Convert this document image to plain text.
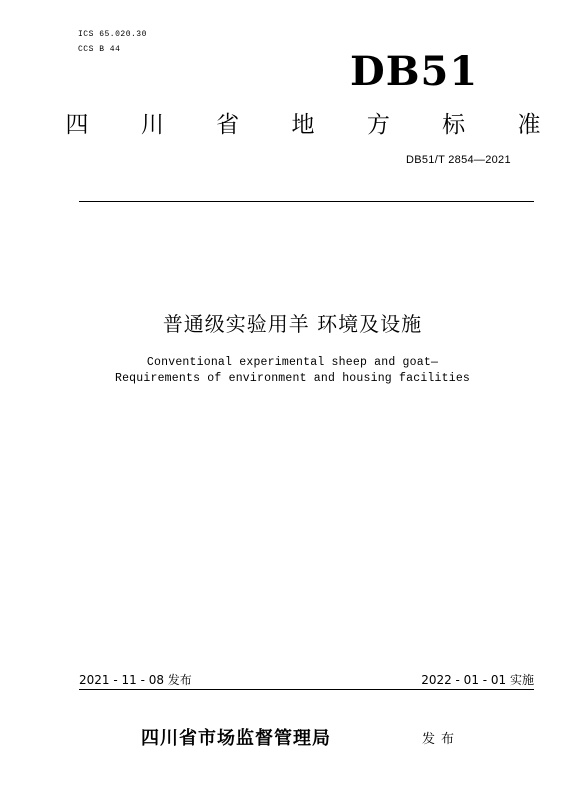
ICS 65.020.30
CCS B 44	DB51
四 川 省 地 方 标 准
DB51/T 2854—2021
普通级实验用羊 环境及设施
Conventional experimental sheep and goat—
Requirements of environment and housing facilities
2021 - 11 - 08 发布	2022 - 01 - 01 实施
四川省市场监督管理局	发布
